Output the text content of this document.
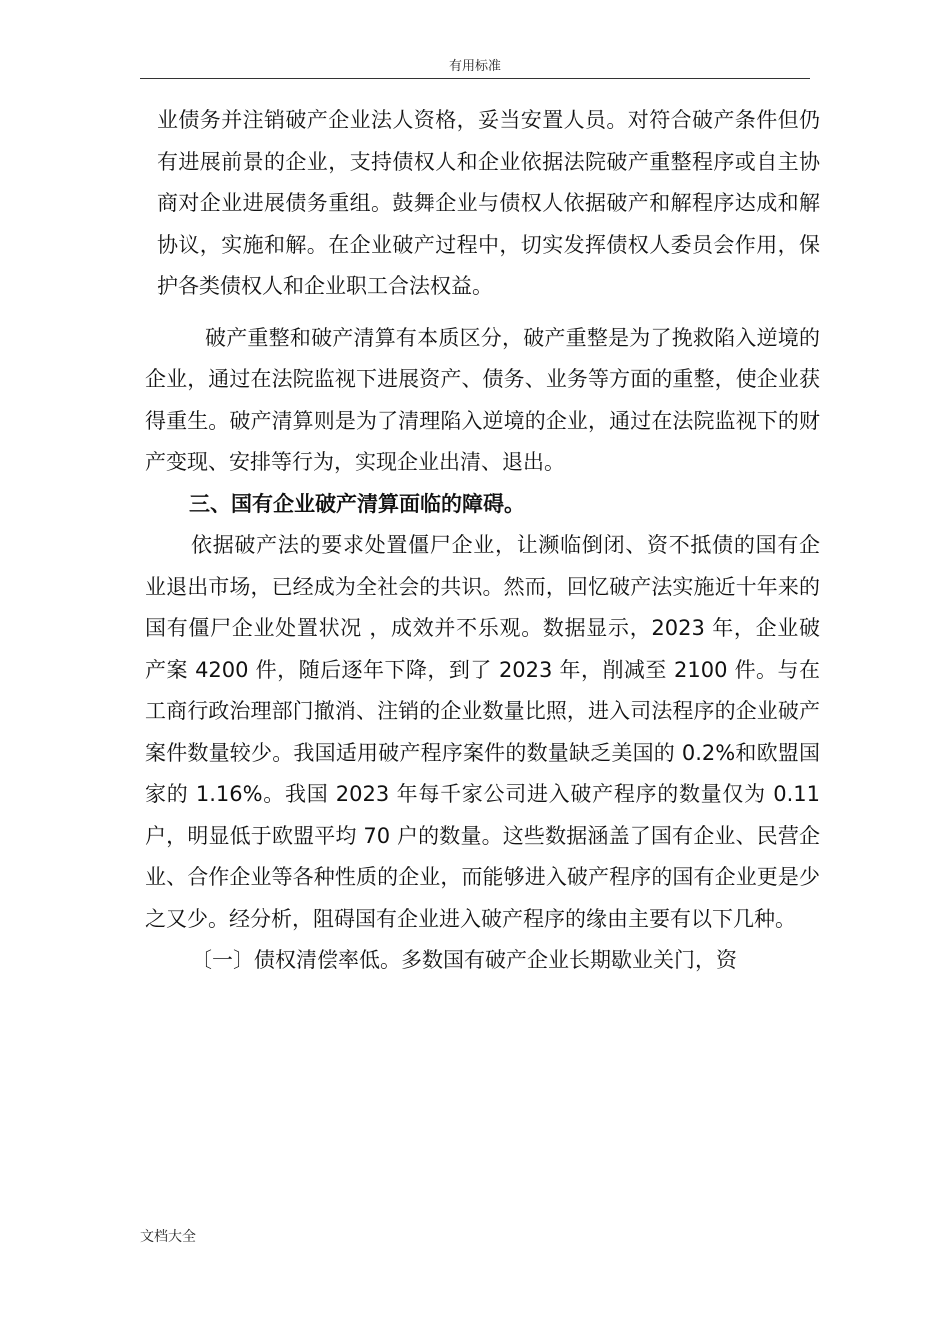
有用标准

业债务并注销破产企业法人资格，妥当安置人员。对符合破产条件但仍有进展前景的企业，支持债权人和企业依据法院破产重整程序或自主协商对企业进展债务重组。鼓舞企业与债权人依据破产和解程序达成和解协议，实施和解。在企业破产过程中，切实发挥债权人委员会作用，保护各类债权人和企业职工合法权益。

破产重整和破产清算有本质区分，破产重整是为了挽救陷入逆境的企业，通过在法院监视下进展资产、债务、业务等方面的重整，使企业获得重生。破产清算则是为了清理陷入逆境的企业，通过在法院监视下的财产变现、安排等行为，实现企业出清、退出。

三、国有企业破产清算面临的障碍。

依据破产法的要求处置僵尸企业，让濒临倒闭、资不抵债的国有企业退出市场，已经成为全社会的共识。然而，回忆破产法实施近十年来的国有僵尸企业处置状况 ，成效并不乐观。数据显示，2023 年，企业破产案 4200 件，随后逐年下降，到了 2023 年，削减至 2100 件。与在工商行政治理部门撤消、注销的企业数量比照，进入司法程序的企业破产案件数量较少。我国适用破产程序案件的数量缺乏美国的 0.2%和欧盟国家的 1.16%。我国 2023 年每千家公司进入破产程序的数量仅为 0.11 户，明显低于欧盟平均 70 户的数量。这些数据涵盖了国有企业、民营企业、合作企业等各种性质的企业，而能够进入破产程序的国有企业更是少之又少。经分析，阻碍国有企业进入破产程序的缘由主要有以下几种。

〔一〕债权清偿率低。多数国有破产企业长期歇业关门，资

文档大全
